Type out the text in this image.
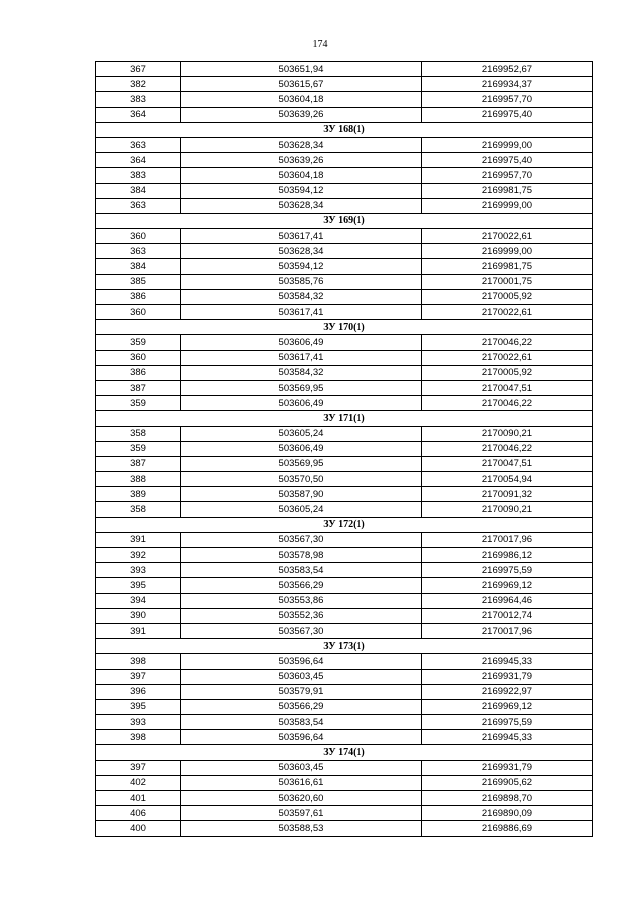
174
367	503651,94	2169952,67
382	503615,67	2169934,37
383	503604,18	2169957,70
364	503639,26	2169975,40
ЗУ 168(1)		
363	503628,34	2169999,00
364	503639,26	2169975,40
383	503604,18	2169957,70
384	503594,12	2169981,75
363	503628,34	2169999,00
ЗУ 169(1)		
360	503617,41	2170022,61
363	503628,34	2169999,00
384	503594,12	2169981,75
385	503585,76	2170001,75
386	503584,32	2170005,92
360	503617,41	2170022,61
ЗУ 170(1)		
359	503606,49	2170046,22
360	503617,41	2170022,61
386	503584,32	2170005,92
387	503569,95	2170047,51
359	503606,49	2170046,22
ЗУ 171(1)		
358	503605,24	2170090,21
359	503606,49	2170046,22
387	503569,95	2170047,51
388	503570,50	2170054,94
389	503587,90	2170091,32
358	503605,24	2170090,21
ЗУ 172(1)		
391	503567,30	2170017,96
392	503578,98	2169986,12
393	503583,54	2169975,59
395	503566,29	2169969,12
394	503553,86	2169964,46
390	503552,36	2170012,74
391	503567,30	2170017,96
ЗУ 173(1)		
398	503596,64	2169945,33
397	503603,45	2169931,79
396	503579,91	2169922,97
395	503566,29	2169969,12
393	503583,54	2169975,59
398	503596,64	2169945,33
ЗУ 174(1)		
397	503603,45	2169931,79
402	503616,61	2169905,62
401	503620,60	2169898,70
406	503597,61	2169890,09
400	503588,53	2169886,69
